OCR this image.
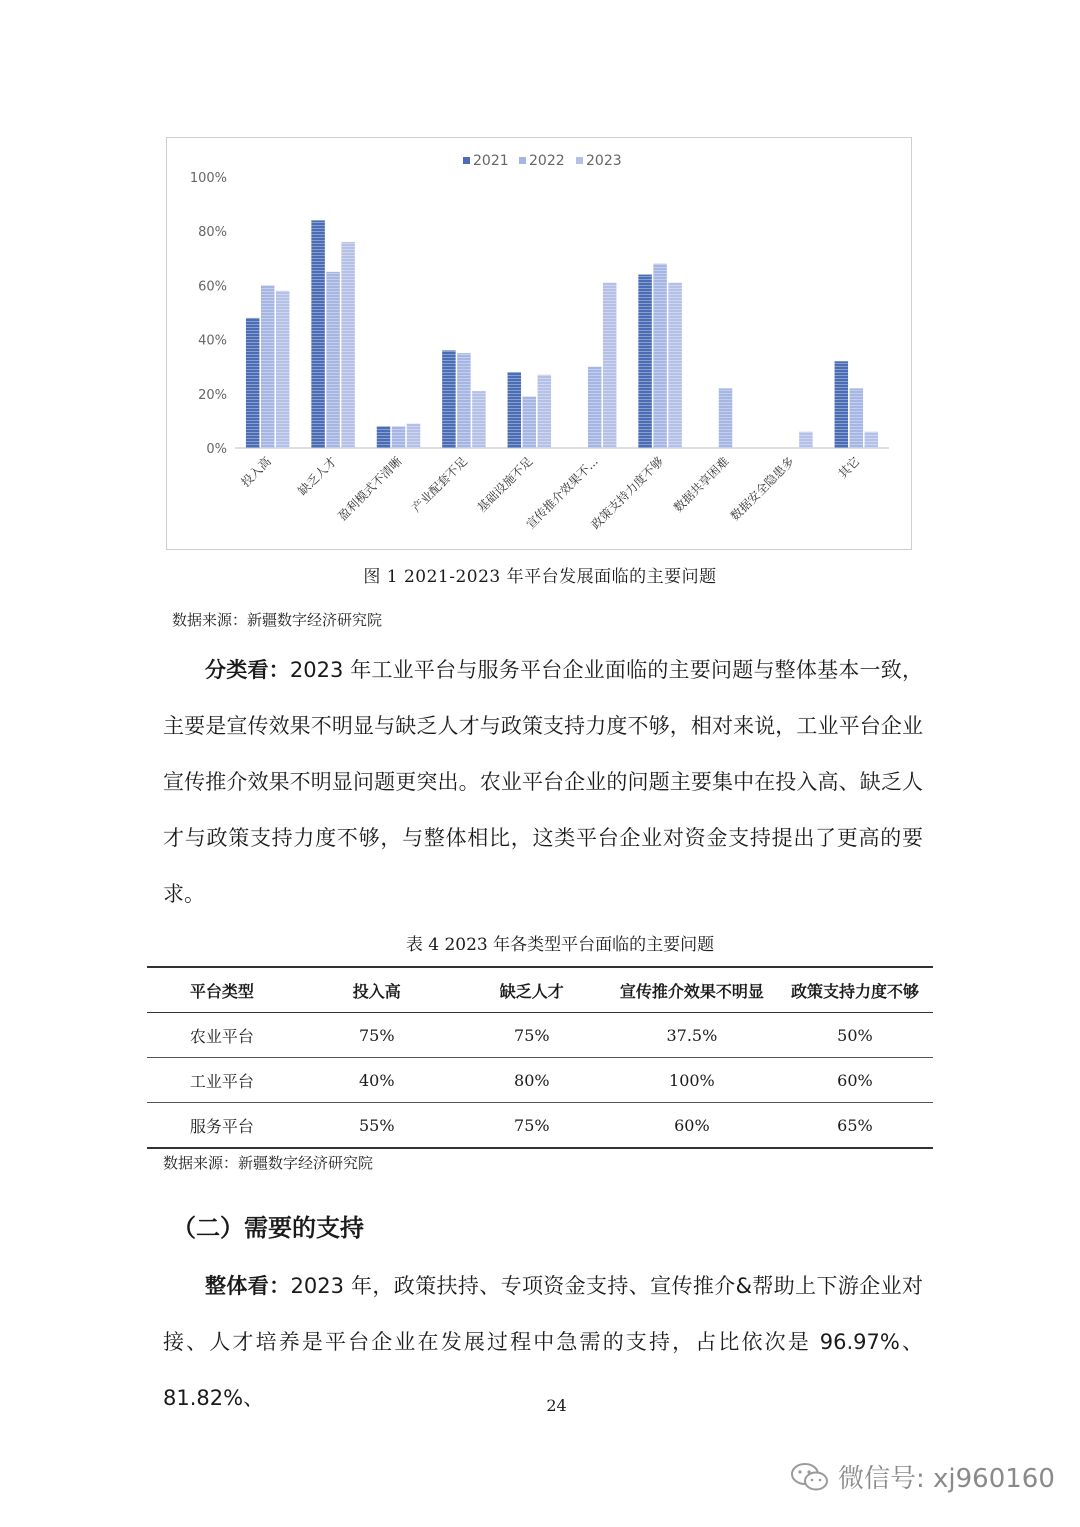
0%
20%
40%
60%
80%
100%
投入高 缺乏人才
盈利模式不清晰 产业配套不足 基础设施不足
宣传推介效果不...
政策支持力度不够 数据共享困难
数据安全隐患多	其它
2021 2022 2023
图 1 2021-2023 年平台发展面临的主要问题
数据来源：新疆数字经济研究院

分类看：2023 年工业平台与服务平台企业面临的主要问题与整体基本一致，主要是宣传效果不明显与缺乏人才与政策支持力度不够，相对来说，工业平台企业宣传推介效果不明显问题更突出。农业平台企业的问题主要集中在投入高、缺乏人才与政策支持力度不够，与整体相比，这类平台企业对资金支持提出了更高的要求。

表 4 2023 年各类型平台面临的主要问题
平台类型	投入高	缺乏人才	宣传推介效果不明显	政策支持力度不够
农业平台	75%	75%	37.5%	50%
工业平台	40%	80%	100%	60%
服务平台	55%	75%	60%	65%
数据来源：新疆数字经济研究院
（二）需要的支持

整体看：2023 年，政策扶持、专项资金支持、宣传推介&帮助上下游企业对接、人才培养是平台企业在发展过程中急需的支持，占比依次是 96.97%、81.82%、	24
微信号: xj960160
